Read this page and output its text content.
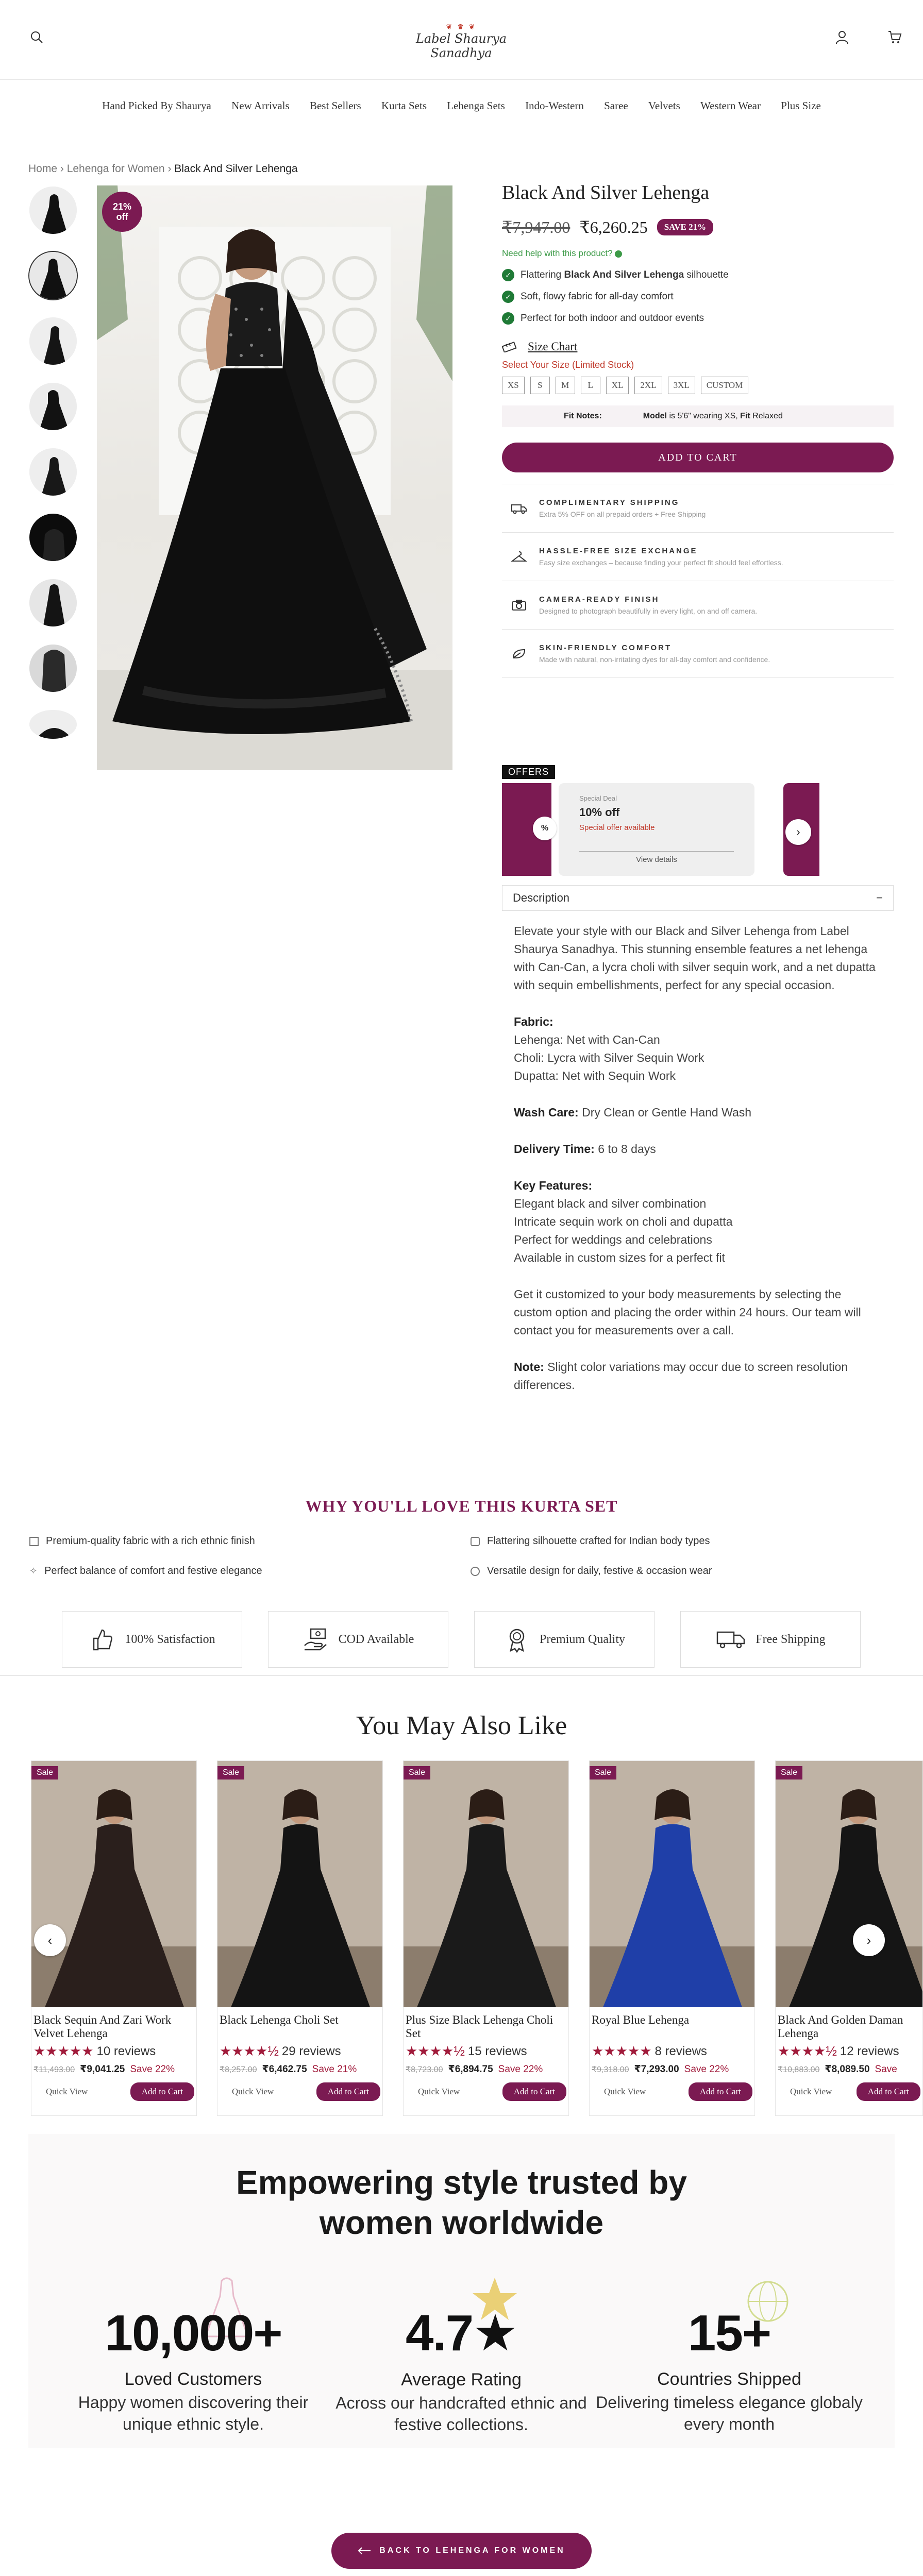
❦ ♛ ❦
Label Shaurya Sanadhya
Hand Picked By Shaurya New Arrivals Best Sellers Kurta Sets Lehenga Sets Indo-Western Saree Velvets Western Wear Plus Size
Home › Lehenga for Women › Black And Silver Lehenga
21%
off
Black And Silver Lehenga
₹7,947.00 ₹6,260.25	SAVE 21%
Need help with this product?
✓ Flattering Black And Silver Lehenga silhouette
✓ Soft, flowy fabric for all-day comfort
✓ Perfect for both indoor and outdoor events
Size Chart
Select Your Size (Limited Stock)
XS	S	M	L	XL	2XL	3XL	CUSTOM
Fit Notes:	Model is 5'6" wearing XS, Fit Relaxed
ADD TO CART
COMPLIMENTARY SHIPPING
Extra 5% OFF on all prepaid orders + Free Shipping
HASSLE-FREE SIZE EXCHANGE
Easy size exchanges – because finding your perfect fit should feel effortless.
CAMERA-READY FINISH
Designed to photograph beautifully in every light, on and off camera.
SKIN-FRIENDLY COMFORT
Made with natural, non-irritating dyes for all-day comfort and confidence.
OFFERS
%
Special Deal
10% off
Special offer available
View details
›
Description	−

Elevate your style with our Black and Silver Lehenga from Label Shaurya Sanadhya. This stunning ensemble features a net lehenga with Can-Can, a lycra choli with silver sequin work, and a net dupatta with sequin embellishments, perfect for any special occasion.

Fabric:
Lehenga: Net with Can-Can
Choli: Lycra with Silver Sequin Work
Dupatta: Net with Sequin Work

Wash Care: Dry Clean or Gentle Hand Wash

Delivery Time: 6 to 8 days

Key Features:
Elegant black and silver combination
Intricate sequin work on choli and dupatta
Perfect for weddings and celebrations
Available in custom sizes for a perfect fit

Get it customized to your body measurements by selecting the custom option and placing the order within 24 hours. Our team will contact you for measurements over a call.

Note: Slight color variations may occur due to screen resolution differences.

WHY YOU'LL LOVE THIS KURTA SET
Premium-quality fabric with a rich ethnic finish	Flattering silhouette crafted for Indian body types
✧ Perfect balance of comfort and festive elegance	Versatile design for daily, festive & occasion wear
100% Satisfaction	COD Available	Premium Quality	Free Shipping
You May Also Like
Sale
Black Sequin And Zari Work Velvet Lehenga
★★★★★ 10 reviews
₹11,493.00 ₹9,041.25 Save 22%
Quick View	Add to Cart
Sale
Black Lehenga Choli Set
★★★★½ 29 reviews
₹8,257.00 ₹6,462.75 Save 21%
Quick View	Add to Cart
Sale
Plus Size Black Lehenga Choli Set
★★★★½ 15 reviews
₹8,723.00 ₹6,894.75 Save 22%
Quick View	Add to Cart
Sale
Royal Blue Lehenga
★★★★★ 8 reviews
₹9,318.00 ₹7,293.00 Save 22%
Quick View	Add to Cart
Sale
Black And Golden Daman Lehenga
★★★★½ 12 reviews
₹10,883.00 ₹8,089.50 Save
Quick View	Add to Cart
‹	›
Empowering style trusted by
women worldwide
10,000+
Loved Customers
Happy women discovering their unique ethnic style.
4.7★
Average Rating
Across our handcrafted ethnic and festive collections.
15+
Countries Shipped
Delivering timeless elegance globaly every month
BACK TO LEHENGA FOR WOMEN
